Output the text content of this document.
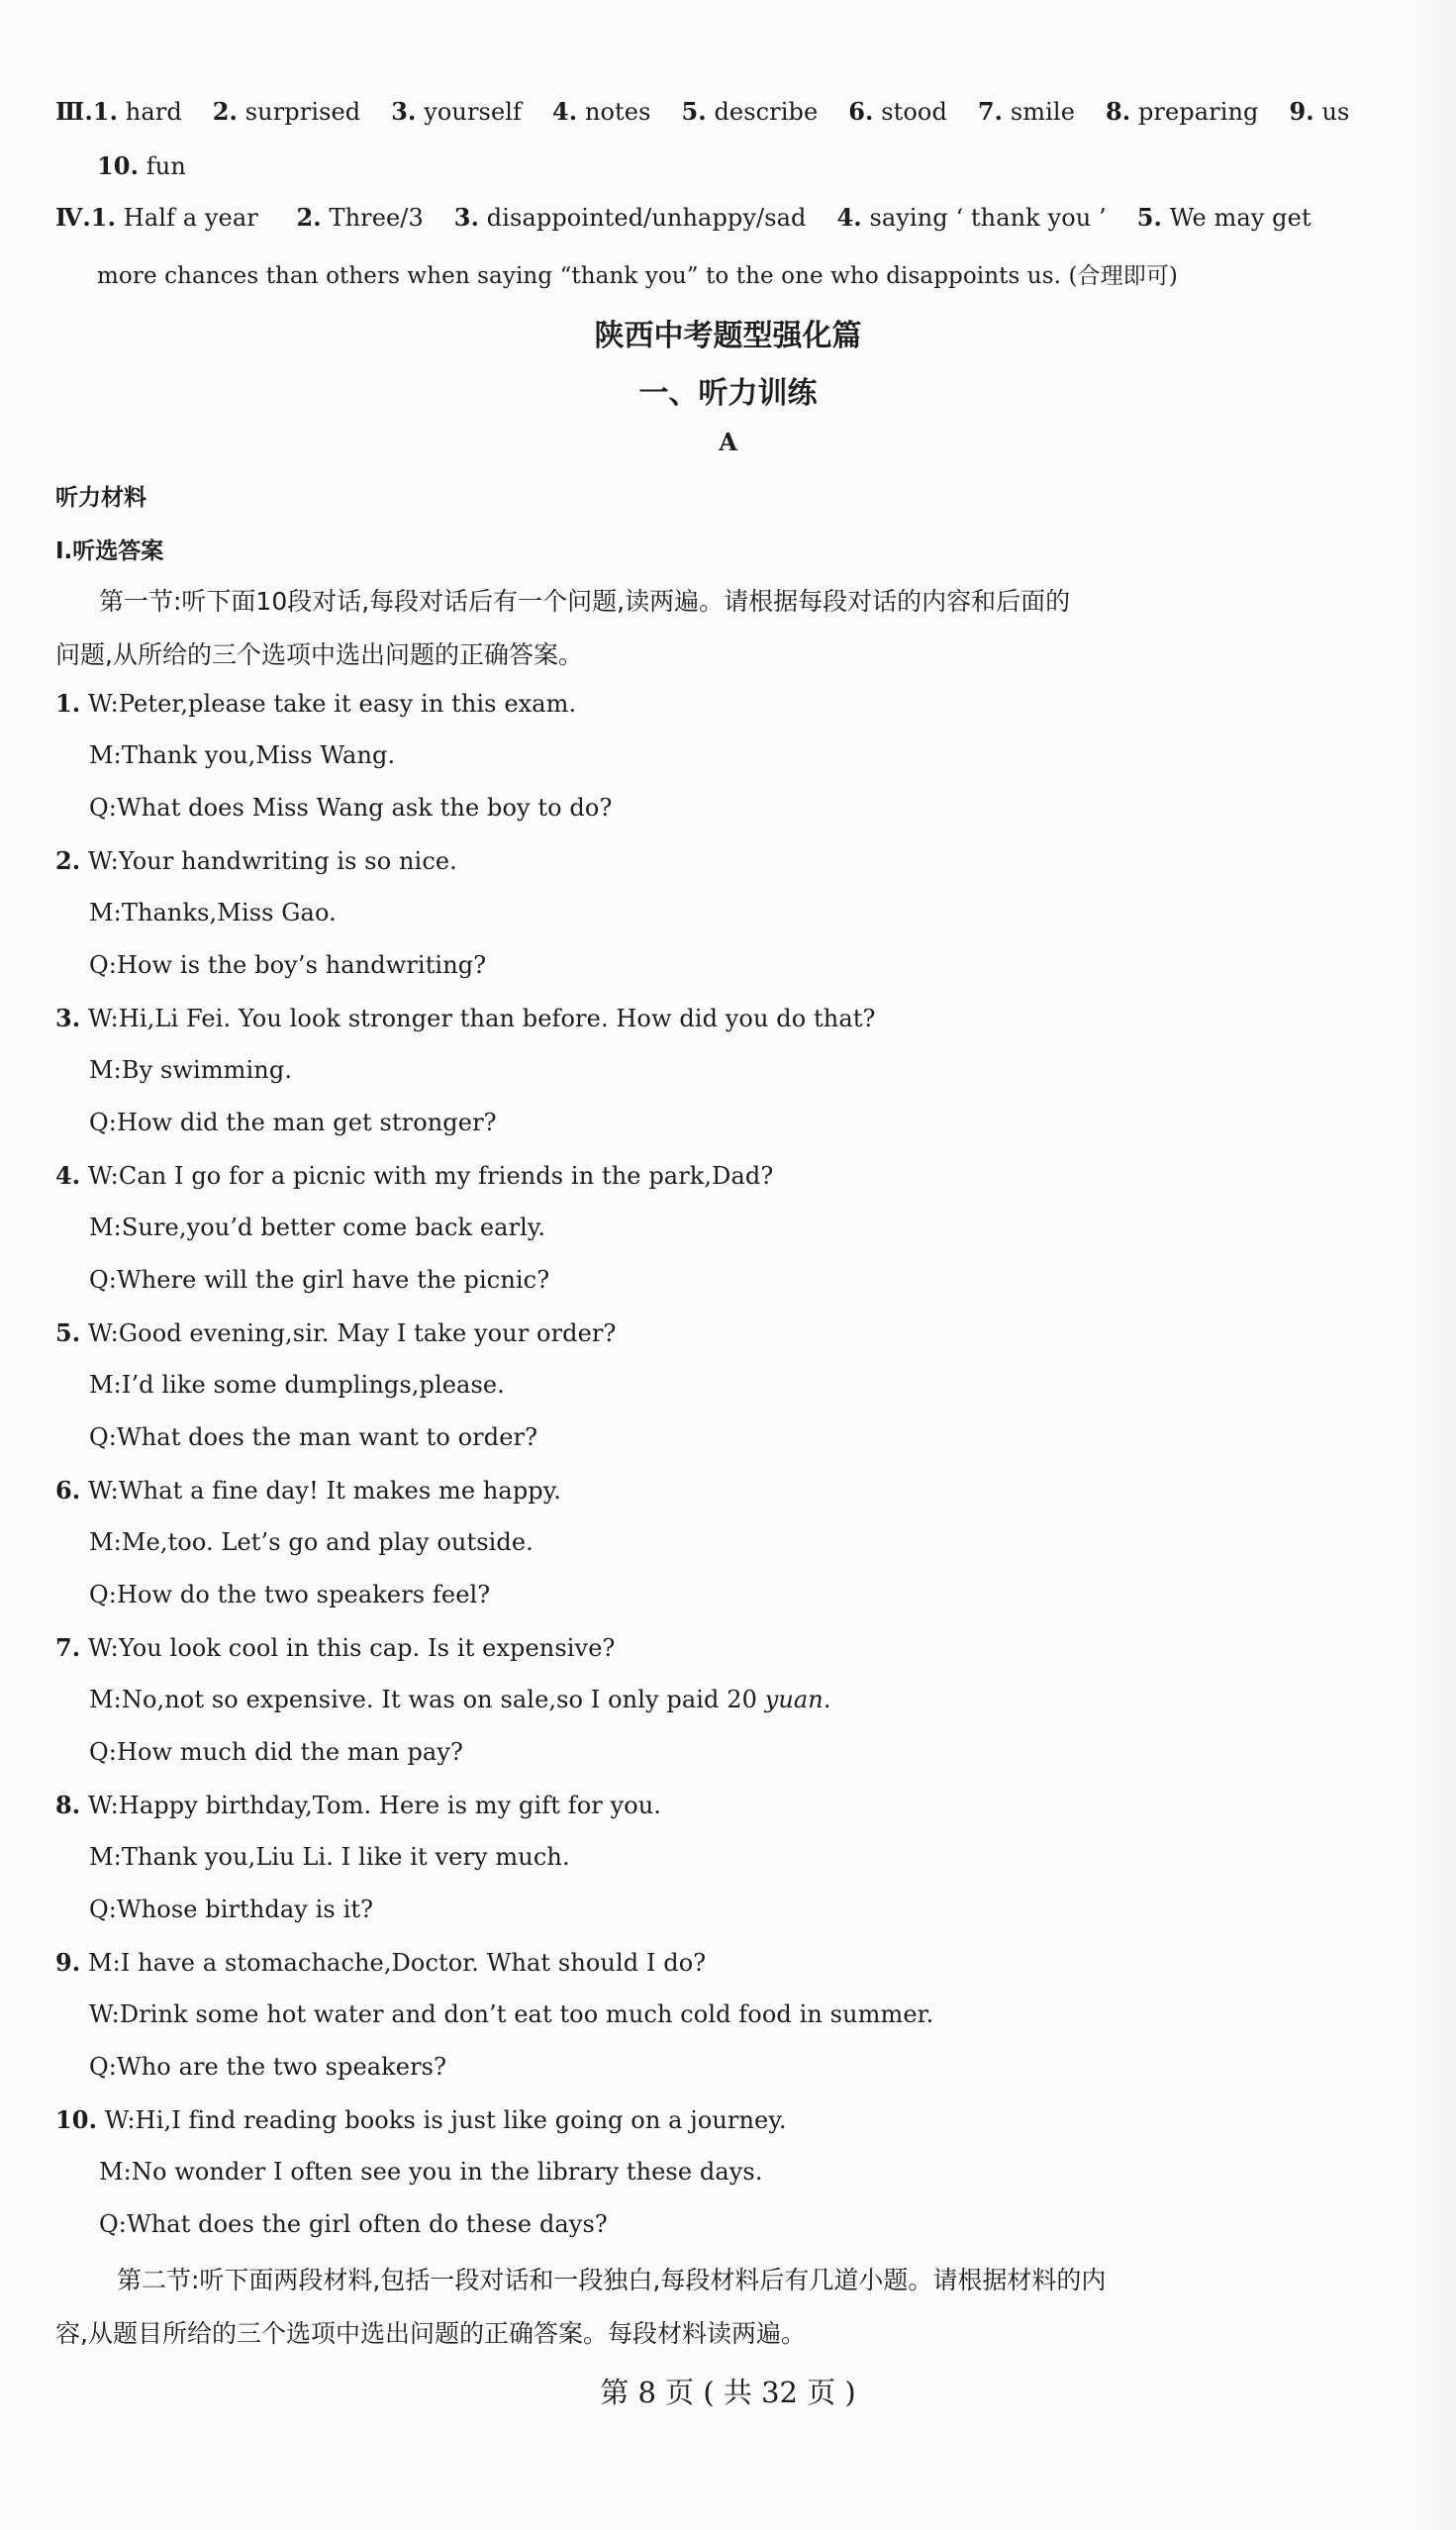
Ⅲ.1. hard 2. surprised 3. yourself 4. notes 5. describe 6. stood 7. smile 8. preparing 9. us
10. fun
Ⅳ.1. Half a year 2. Three/3 3. disappointed/unhappy/sad 4. saying ‘ thank you ’ 5. We may get
more chances than others when saying “thank you” to the one who disappoints us. (合理即可)
陕西中考题型强化篇
一、听力训练
A
听力材料
Ⅰ.听选答案
第一节:听下面10段对话,每段对话后有一个问题,读两遍。请根据每段对话的内容和后面的
问题,从所给的三个选项中选出问题的正确答案。
1. W:Peter,please take it easy in this exam.
M:Thank you,Miss Wang.
Q:What does Miss Wang ask the boy to do?
2. W:Your handwriting is so nice.
M:Thanks,Miss Gao.
Q:How is the boy’s handwriting?
3. W:Hi,Li Fei. You look stronger than before. How did you do that?
M:By swimming.
Q:How did the man get stronger?
4. W:Can I go for a picnic with my friends in the park,Dad?
M:Sure,you’d better come back early.
Q:Where will the girl have the picnic?
5. W:Good evening,sir. May I take your order?
M:I’d like some dumplings,please.
Q:What does the man want to order?
6. W:What a fine day! It makes me happy.
M:Me,too. Let’s go and play outside.
Q:How do the two speakers feel?
7. W:You look cool in this cap. Is it expensive?
M:No,not so expensive. It was on sale,so I only paid 20 yuan.
Q:How much did the man pay?
8. W:Happy birthday,Tom. Here is my gift for you.
M:Thank you,Liu Li. I like it very much.
Q:Whose birthday is it?
9. M:I have a stomachache,Doctor. What should I do?
W:Drink some hot water and don’t eat too much cold food in summer.
Q:Who are the two speakers?
10. W:Hi,I find reading books is just like going on a journey.
M:No wonder I often see you in the library these days.
Q:What does the girl often do these days?
第二节:听下面两段材料,包括一段对话和一段独白,每段材料后有几道小题。请根据材料的内
容,从题目所给的三个选项中选出问题的正确答案。每段材料读两遍。
第 8 页 ( 共 32 页 )
